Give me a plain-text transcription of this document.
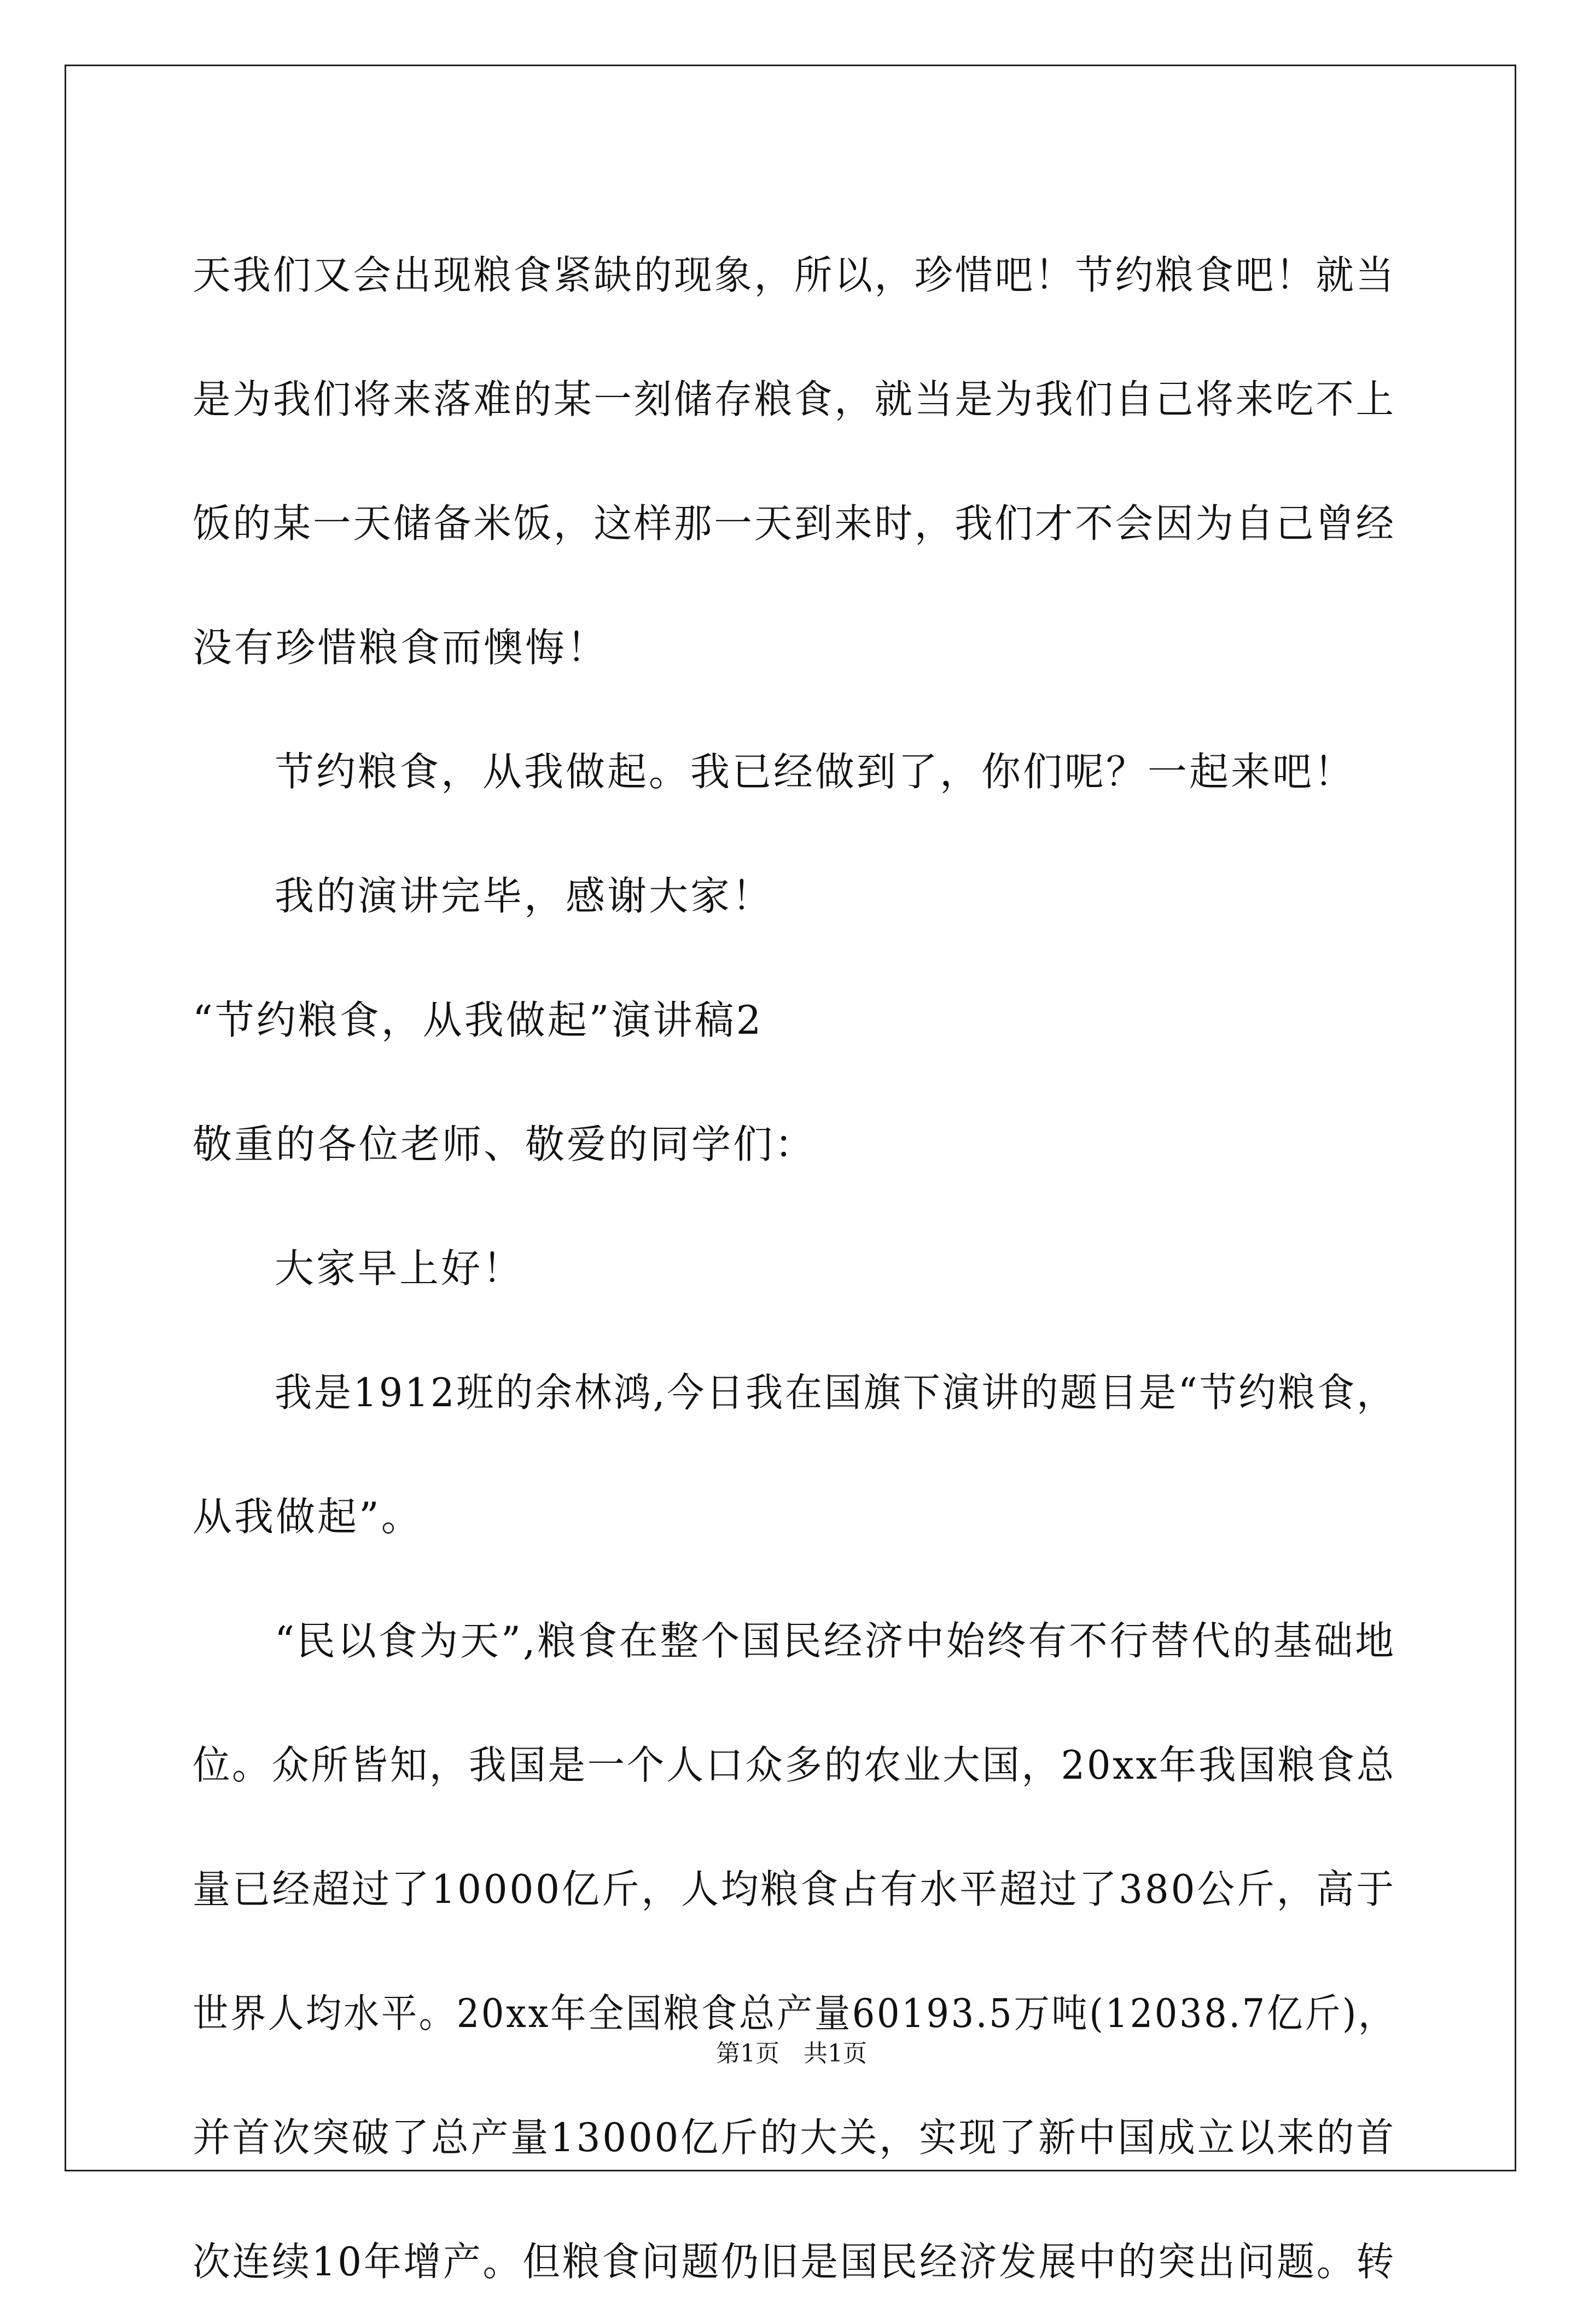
天我们又会出现粮食紧缺的现象，所以，珍惜吧！节约粮食吧！就当
是为我们将来落难的某一刻储存粮食，就当是为我们自己将来吃不上
饭的某一天储备米饭，这样那一天到来时，我们才不会因为自己曾经
没有珍惜粮食而懊悔！
节约粮食，从我做起。我已经做到了，你们呢？一起来吧！
我的演讲完毕，感谢大家！
“节约粮食，从我做起”演讲稿2
敬重的各位老师、敬爱的同学们：
大家早上好！
我是1912班的余林鸿,今日我在国旗下演讲的题目是“节约粮食，
从我做起”。
“民以食为天”,粮食在整个国民经济中始终有不行替代的基础地
位。众所皆知，我国是一个人口众多的农业大国，20xx年我国粮食总
量已经超过了10000亿斤，人均粮食占有水平超过了380公斤，高于
世界人均水平。20xx年全国粮食总产量60193.5万吨(12038.7亿斤)，
并首次突破了总产量13000亿斤的大关，实现了新中国成立以来的首
次连续10年增产。但粮食问题仍旧是国民经济发展中的突出问题。转
第1页 共1页
